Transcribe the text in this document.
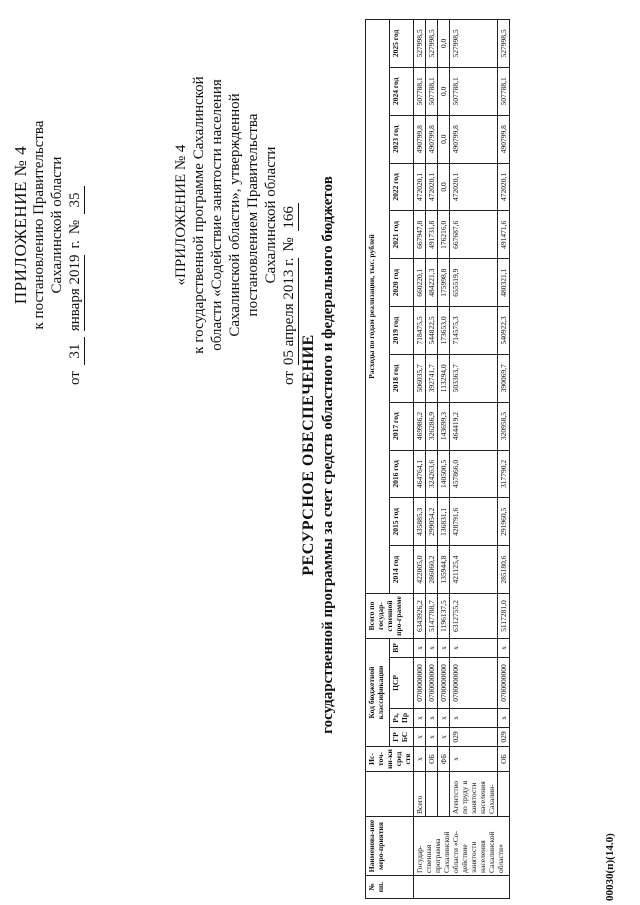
ПРИЛОЖЕНИЕ № 4 к постановлению Правительства Сахалинской области
от
31
января 2019
г.
№
35	«ПРИЛОЖЕНИЕ № 4 к государственной программе Сахалинской области «Содействие занятости населения Сахалинской области», утвержденной постановлением Правительства Сахалинской области
от
05 апреля 2013 г.
№
166
РЕСУРСНОЕ ОБЕСПЕЧЕНИЕ государственной программы за счет средств областного и федерального бюджетов
№ пп.	Наименова-ние меро-приятия		Ис-точ-ни-ки сред ств	Код бюджетной классификации				Всего по государ-ственной про-грамме	Расходы по годам реализации, тыс. рублей											
				ГР БС	Рз, Пр	ЦСР	ВР		2014 год	2015 год	2016 год	2017 год	2018 год	2019 год	2020 год	2021 год	2022 год	2023 год	2024 год	2025 год
	Государ-ственная программа Сахалинской области «Со-действие занятости населения Сахалинской области»	Всего	х	х	х	0700000000	х	6343926,2	422005,0	435885,3	464764,1	469986,2	506035,7	718475,5	660220,1	667947,8	472020,1	490799,8	507788,1	527998,5
			ОБ	х	х	0700000000	х	5147788,7	286060,2	299054,2	324263,6	326286,9	392741,7	544822,5	484221,3	491731,8	472020,1	490799,8	507788,1	527998,5
			ФБ	х	х	0700000000	х	1196137,5	135944,8	136831,1	140500,5	143699,3	113294,0	173653,0	175998,8	176216,0	0,0	0,0	0,0	0,0
		Агентство по труду и занятости населения Сахалин-	х	029	х	0700000000	х	6312755,2	421125,4	428791,6	457866,0	464419,2	503363,7	714575,3	655519,9	667687,6	472020,1	490799,8	507788,1	527998,5
			ОБ	029	х	0700000000	х	5117281,0	285180,6	291960,5	317790,2	320958,5	390069,7	540922,3	480321,1	491471,6	472020,1	490799,8	507788,1	527998,5
00030(п)(14.0)
